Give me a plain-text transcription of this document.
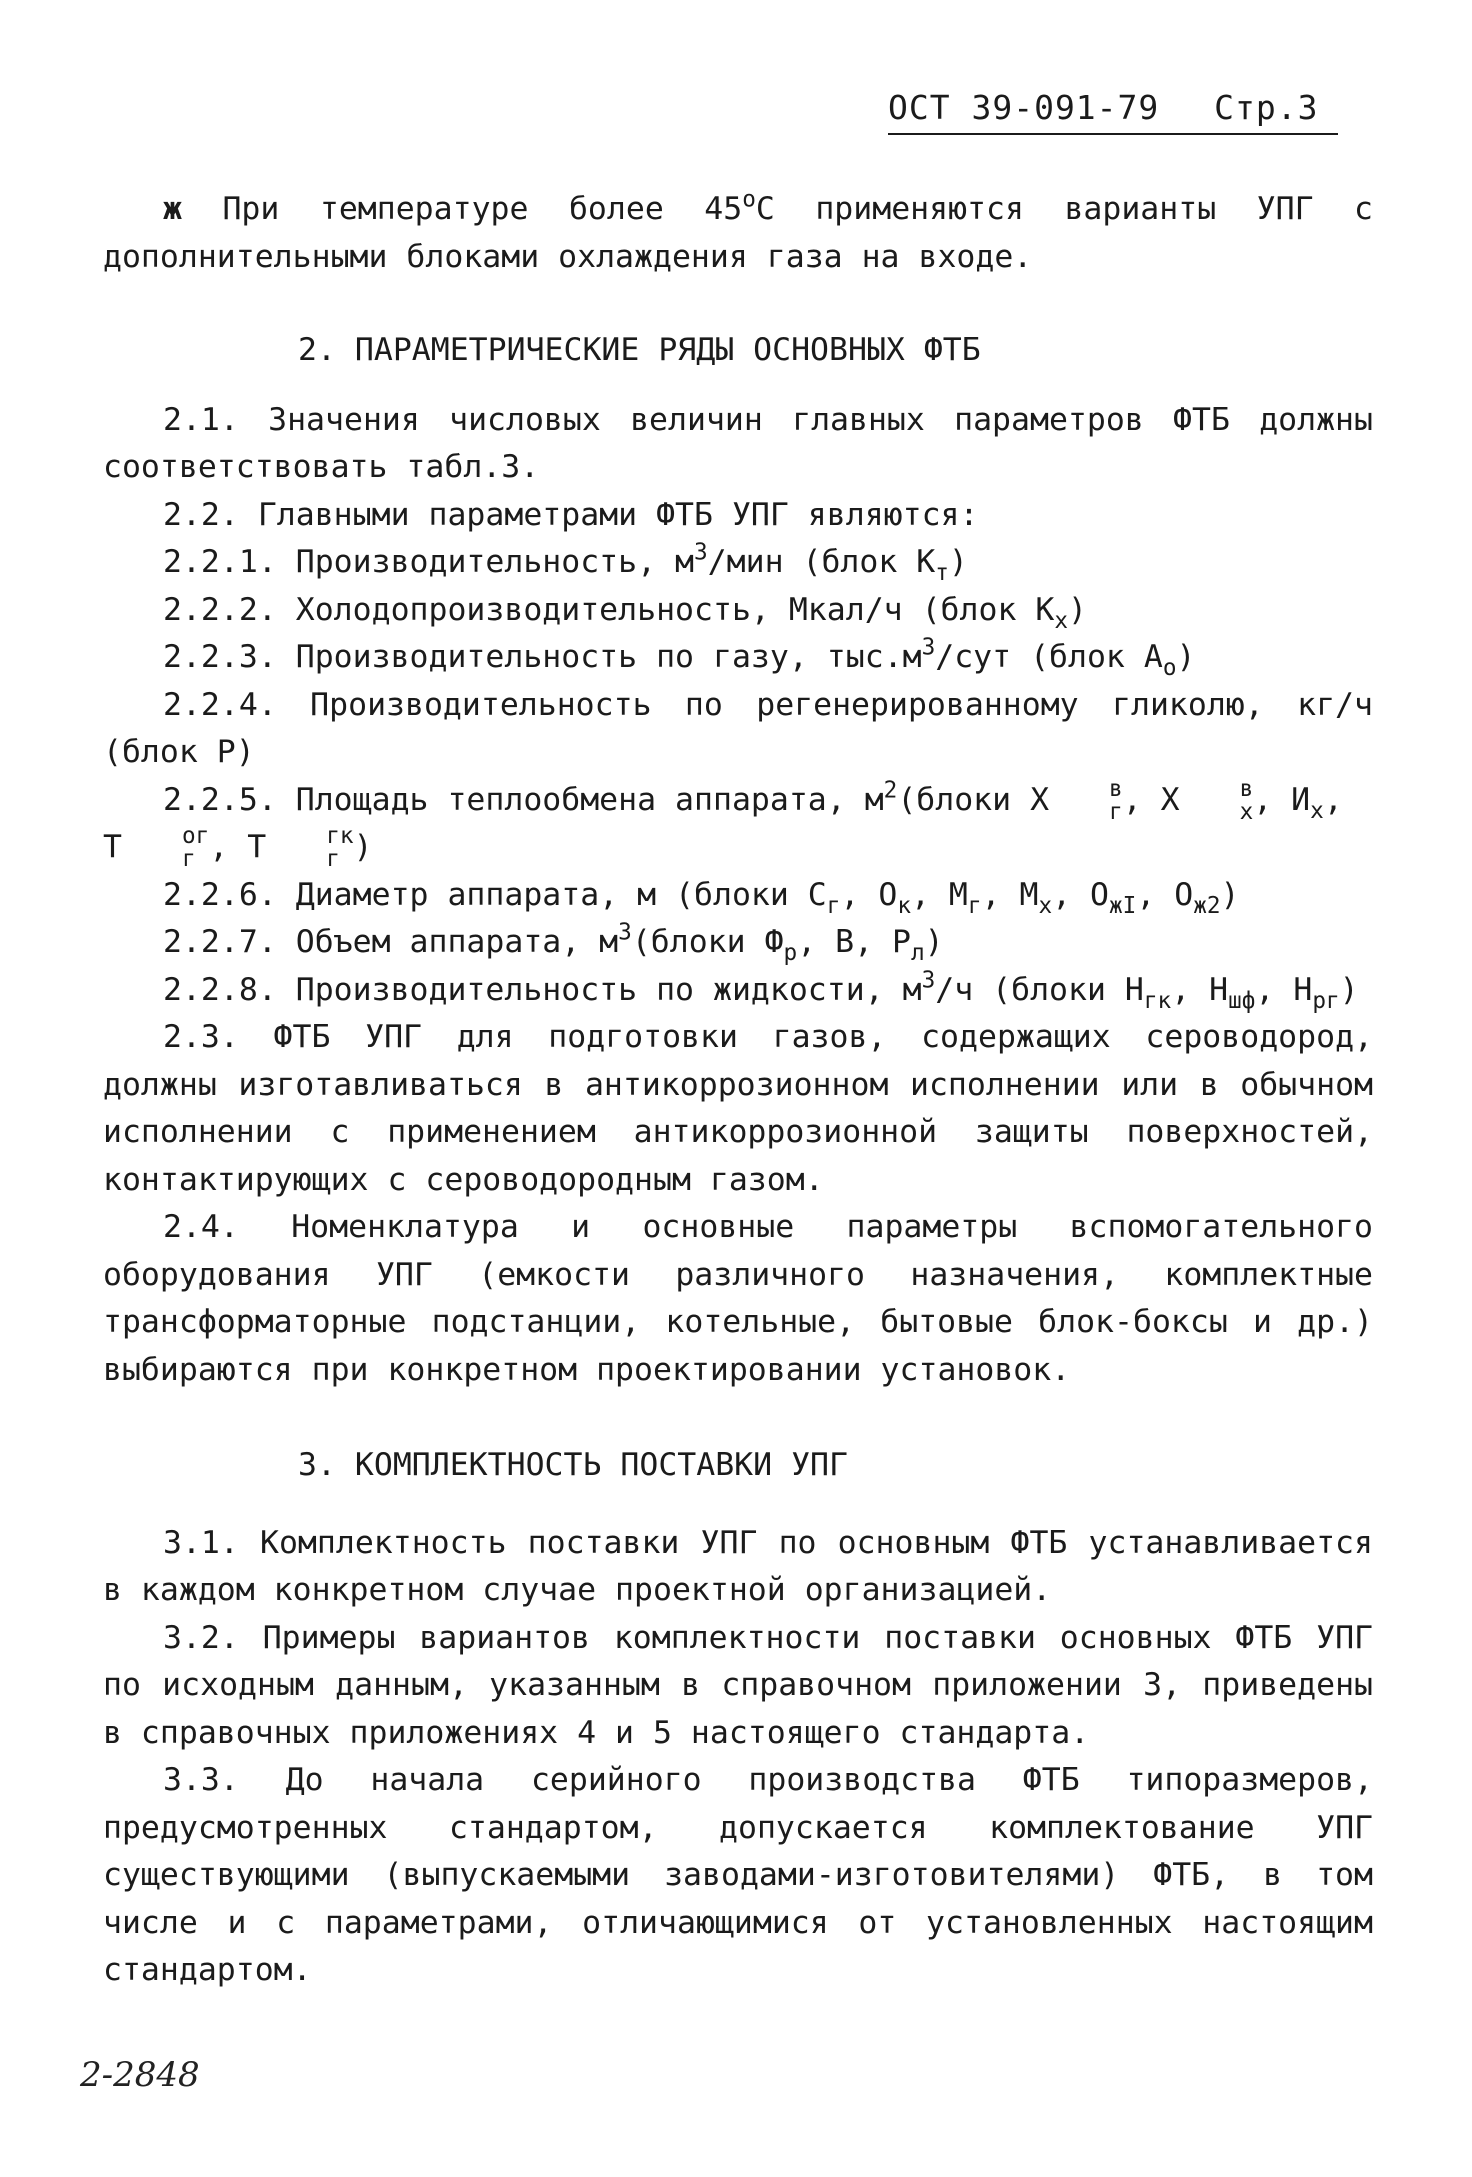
ОСТ 39-091-79 Стр.3

ж При температуре более $45^оС$ применяются варианты УПГ с дополнительными блоками охлаждения газа на входе.

2. ПАРАМЕТРИЧЕСКИЕ РЯДЫ ОСНОВНЫХ ФТБ

2.1. Значения числовых величин главных параметров ФТБ должны соответствовать табл.3.

2.2. Главными параметрами ФТБ УПГ являются:

2.2.1. Производительность, $м^3$/мин (блок $К_т$)

2.2.2. Холодопроизводительность, Мкал/ч (блок $К_х$)

2.2.3. Производительность по газу, $тыс.м^3$/сут (блок $А_о$)

2.2.4. Производительность по регенерированному гликолю, кг/ч (блок Р)

2.2.5. Площадь теплообмена аппарата, $м^2(блоки$ Х	в
г , Х	в
х , $И_х$, Т	ог
г , Т	гк
г )

2.2.6. Диаметр аппарата, м (блоки $С_г$, $О_к$, $М_г$, $М_х$, $О_{жI}$, $О_{ж2}$)

2.2.7. Объем аппарата, $м^3(блоки$ $Ф_р$, В, $Р_л$)

2.2.8. Производительность по жидкости, $м^3/ч$ (блоки $Н_{гк}$, $Н_{шф}$, $Н_{рг}$)

2.3. ФТБ УПГ для подготовки газов, содержащих сероводород, должны изготавливаться в антикоррозионном исполнении или в обычном исполнении с применением антикоррозионной защиты поверхностей, контактирующих с сероводородным газом.

2.4. Номенклатура и основные параметры вспомогательного оборудования УПГ (емкости различного назначения, комплектные трансформаторные подстанции, котельные, бытовые блок-боксы и др.) выбираются при конкретном проектировании установок.

3. КОМПЛЕКТНОСТЬ ПОСТАВКИ УПГ

3.1. Комплектность поставки УПГ по основным ФТБ устанавливается в каждом конкретном случае проектной организацией.

3.2. Примеры вариантов комплектности поставки основных ФТБ УПГ по исходным данным, указанным в справочном приложении 3, приведены в справочных приложениях 4 и 5 настоящего стандарта.

3.3. До начала серийного производства ФТБ типоразмеров, предусмотренных стандартом, допускается комплектование УПГ существующими (выпускаемыми заводами-изготовителями) ФТБ, в том числе и с параметрами, отличающимися от установленных настоящим стандартом.

2-2848
